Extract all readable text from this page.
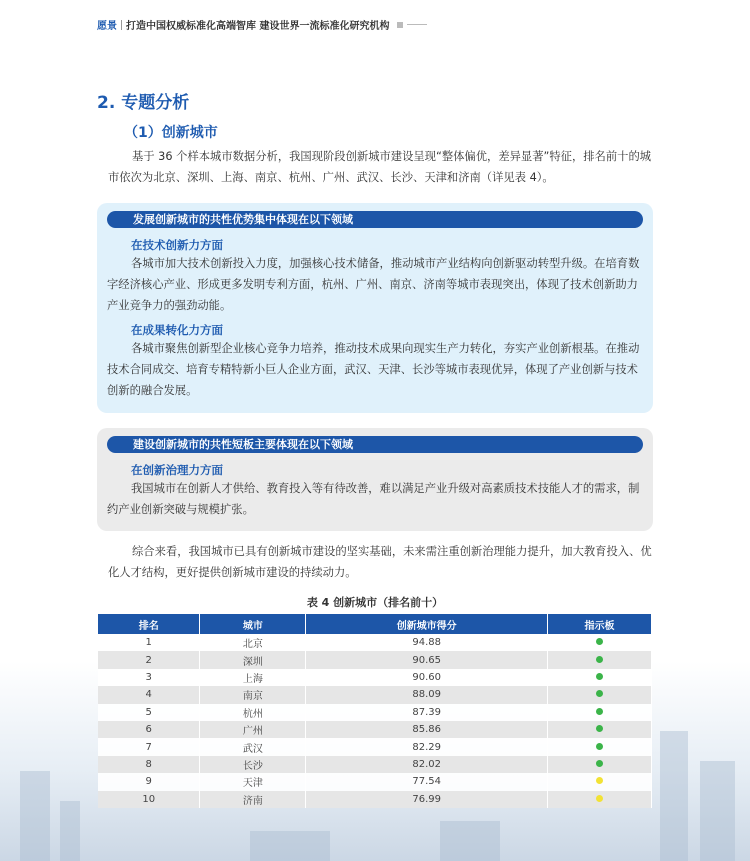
愿景 打造中国权威标准化高端智库 建设世界一流标准化研究机构
2. 专题分析
（1）创新城市
基于 36 个样本城市数据分析，我国现阶段创新城市建设呈现“整体偏优，差异显著”特征，排名前十的城市依次为北京、深圳、上海、南京、杭州、广州、武汉、长沙、天津和济南（详见表 4）。
发展创新城市的共性优势集中体现在以下领域
在技术创新力方面
各城市加大技术创新投入力度，加强核心技术储备，推动城市产业结构向创新驱动转型升级。在培育数字经济核心产业、形成更多发明专利方面，杭州、广州、南京、济南等城市表现突出，体现了技术创新助力产业竞争力的强劲动能。
在成果转化力方面
各城市聚焦创新型企业核心竞争力培养，推动技术成果向现实生产力转化，夯实产业创新根基。在推动技术合同成交、培育专精特新小巨人企业方面，武汉、天津、长沙等城市表现优异，体现了产业创新与技术创新的融合发展。
建设创新城市的共性短板主要体现在以下领域
在创新治理力方面
我国城市在创新人才供给、教育投入等有待改善，难以满足产业升级对高素质技术技能人才的需求，制约产业创新突破与规模扩张。
综合来看，我国城市已具有创新城市建设的坚实基础，未来需注重创新治理能力提升，加大教育投入、优化人才结构，更好提供创新城市建设的持续动力。
表 4 创新城市（排名前十）
排名	城市	创新城市得分	指示板
1	北京	94.88	
2	深圳	90.65	
3	上海	90.60	
4	南京	88.09	
5	杭州	87.39	
6	广州	85.86	
7	武汉	82.29	
8	长沙	82.02	
9	天津	77.54	
10	济南	76.99	
